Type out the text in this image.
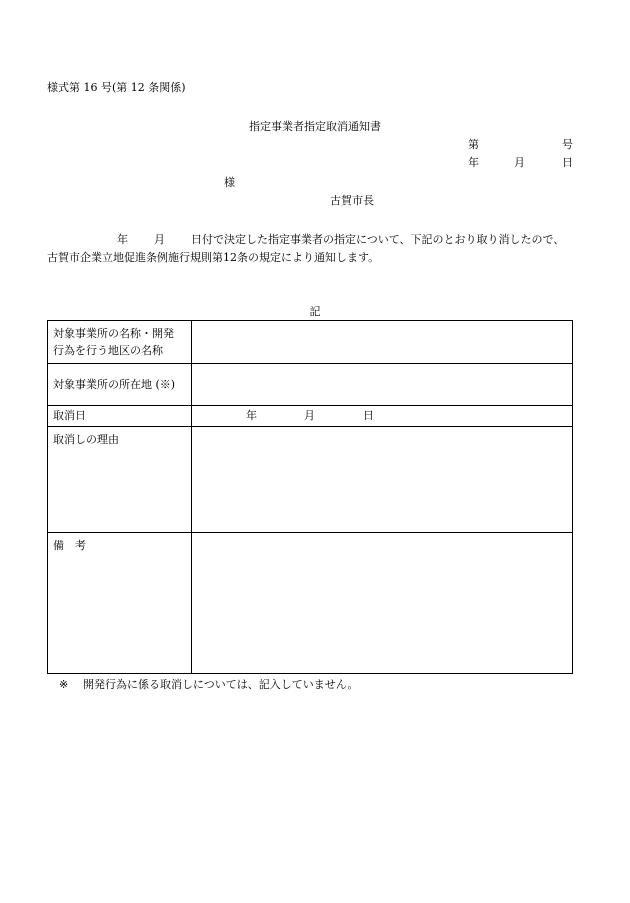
様式第 16 号(第 12 条関係)
指定事業者指定取消通知書
第	号
年	月	日
様
古賀市長
年 月 日付で決定した指定事業者の指定について、下記のとおり取り消したので、
古賀市企業立地促進条例施行規則第12条の規定により通知します。
記
対象事業所の名称・開発
行為を行う地区の名称	

対象事業所の所在地 (※)	

取消日	年 月 日

取消しの理由	

備　考	

※ 開発行為に係る取消しについては、記入していません。
